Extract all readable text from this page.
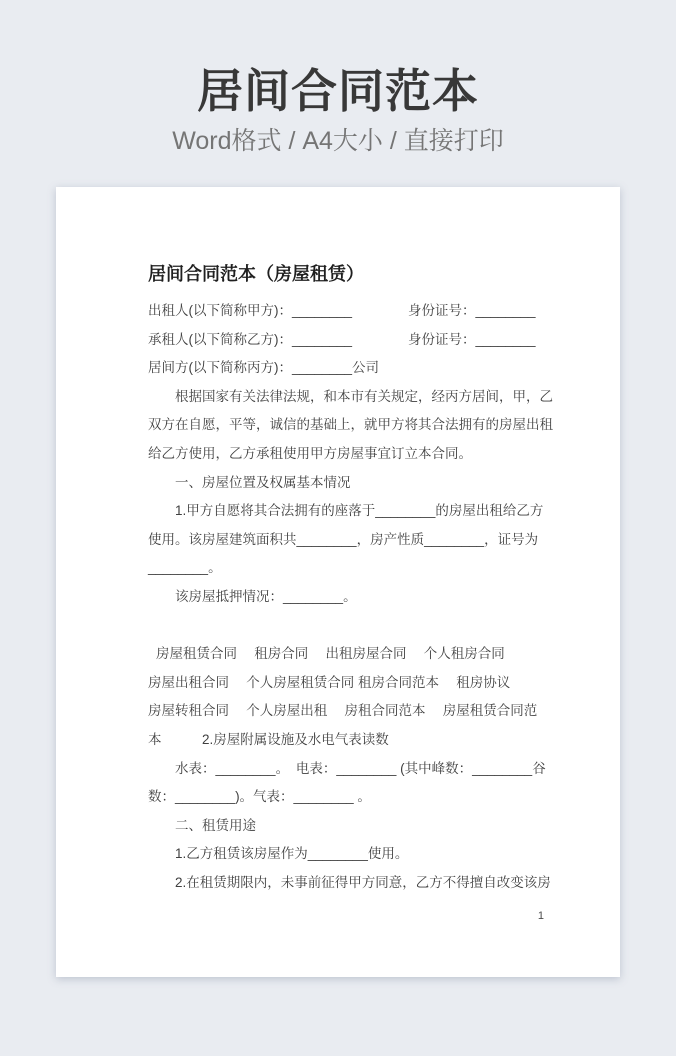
居间合同范本
Word格式 / A4大小 / 直接打印
居间合同范本（房屋租赁）
出租人(以下简称甲方)：________	身份证号：________
承租人(以下简称乙方)：________	身份证号：________
居间方(以下简称丙方)：________公司
根据国家有关法律法规，和本市有关规定，经丙方居间，甲，乙
双方在自愿，平等，诚信的基础上，就甲方将其合法拥有的房屋出租
给乙方使用，乙方承租使用甲方房屋事宜订立本合同。
一、房屋位置及权属基本情况
1.甲方自愿将其合法拥有的座落于________的房屋出租给乙方
使用。该房屋建筑面积共________，房产性质________，证号为
________。
该房屋抵押情况：________。
房屋租赁合同　 租房合同　 出租房屋合同　 个人租房合同
房屋出租合同　 个人房屋租赁合同 租房合同范本　 租房协议
房屋转租合同　 个人房屋出租　 房租合同范本　 房屋租赁合同范
本　　　2.房屋附属设施及水电气表读数
水表：________。　电表：________ (其中峰数：________谷
数：________)。气表：________ 。
二、租赁用途
1.乙方租赁该房屋作为________使用。
2.在租赁期限内，未事前征得甲方同意，乙方不得擅自改变该房
1
